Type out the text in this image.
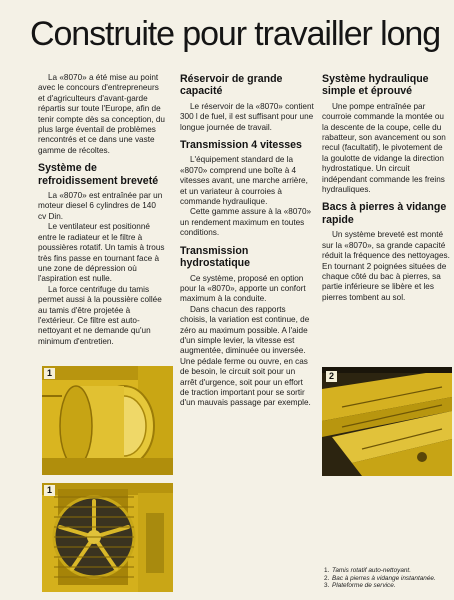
Construite pour travailler long

La «8070» a été mise au point avec le concours d'entrepreneurs et d'agriculteurs d'avant-garde répartis sur toute l'Europe, afin de tenir compte dès sa conception, du plus large éventail de problèmes rencontrés et ce dans une vaste gamme de récoltes.

Système de refroidissement breveté

La «8070» est entraînée par un moteur diesel 6 cylindres de 140 cv Din.

Le ventilateur est positionné entre le radiateur et le filtre à poussières rotatif. Un tamis à trous très fins passe en tournant face à une zone de dépression où l'aspiration est nulle.

La force centrifuge du tamis permet aussi à la poussière collée au tamis d'être projetée à l'extérieur. Ce filtre est auto-nettoyant et ne demande qu'un minimum d'entretien.

Réservoir de grande capacité

Le réservoir de la «8070» contient 300 l de fuel, il est suffisant pour une longue journée de travail.

Transmission 4 vitesses

L'équipement standard de la «8070» comprend une boîte à 4 vitesses avant, une marche arrière, et un variateur à courroies à commande hydraulique.

Cette gamme assure à la «8070» un rendement maximum en toutes conditions.

Transmission hydrostatique

Ce système, proposé en option pour la «8070», apporte un confort maximum à la conduite.

Dans chacun des rapports choisis, la variation est continue, de zéro au maximum possible. A l'aide d'un simple levier, la vitesse est augmentée, diminuée ou inversée. Une pédale ferme ou ouvre, en cas de besoin, le circuit soit pour un arrêt d'urgence, soit pour un effort de traction important pour se sortir d'un mauvais passage par exemple.

Système hydraulique simple et éprouvé

Une pompe entraînée par courroie commande la montée ou la descente de la coupe, celle du rabatteur, son avancement ou son recul (facultatif), le pivotement de la goulotte de vidange la direction hydrostatique. Un circuit indépendant commande les freins hydrauliques.

Bacs à pierres à vidange rapide

Un système breveté est monté sur la «8070», sa grande capacité réduit la fréquence des nettoyages. En tournant 2 poignées situées de chaque côté du bac à pierres, sa partie inférieure se libère et les pierres tombent au sol.

1
1
2
1. Tamis rotatif auto-nettoyant.
2. Bac à pierres à vidange instantanée.
3. Plateforme de service.
